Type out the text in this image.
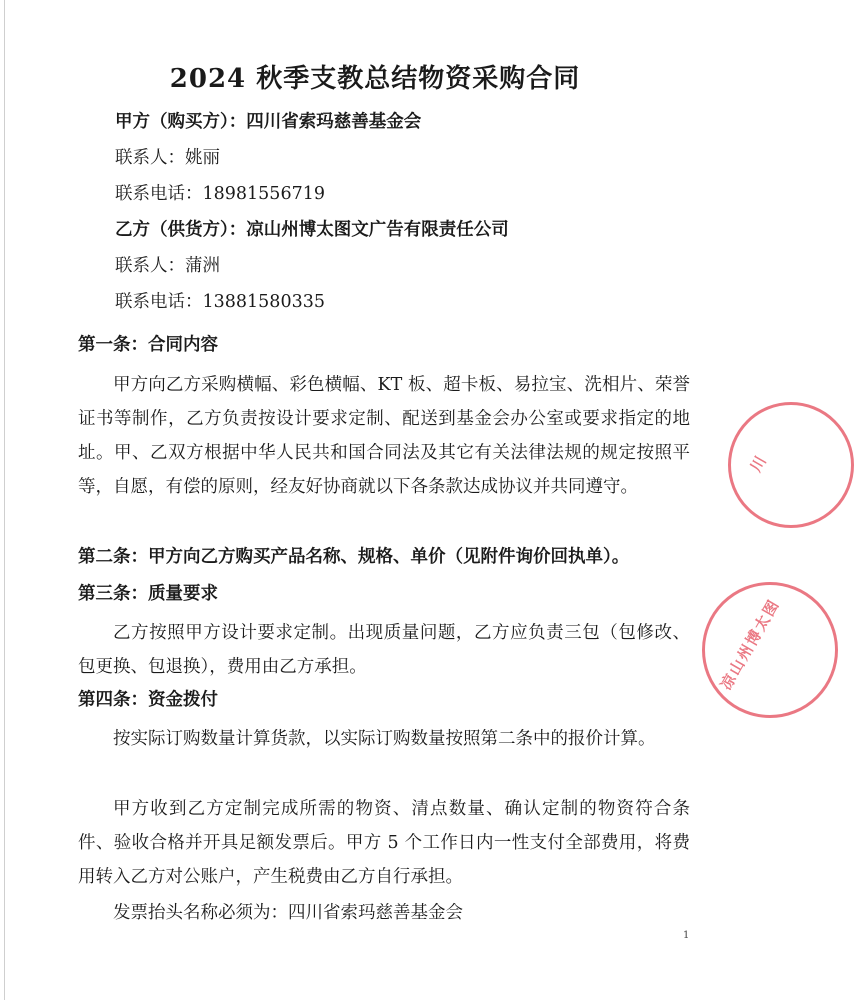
2024 秋季支教总结物资采购合同
甲方（购买方）：四川省索玛慈善基金会
联系人：姚丽
联系电话：18981556719
乙方（供货方）：凉山州博太图文广告有限责任公司
联系人：蒲洲
联系电话：13881580335
第一条：合同内容
甲方向乙方采购横幅、彩色横幅、KT 板、超卡板、易拉宝、洗相片、荣誉证书等制作，乙方负责按设计要求定制、配送到基金会办公室或要求指定的地址。甲、乙双方根据中华人民共和国合同法及其它有关法律法规的规定按照平等，自愿，有偿的原则，经友好协商就以下各条款达成协议并共同遵守。
第二条：甲方向乙方购买产品名称、规格、单价（见附件询价回执单）。
第三条：质量要求
乙方按照甲方设计要求定制。出现质量问题，乙方应负责三包（包修改、包更换、包退换），费用由乙方承担。
第四条：资金拨付
按实际订购数量计算货款，以实际订购数量按照第二条中的报价计算。
甲方收到乙方定制完成所需的物资、清点数量、确认定制的物资符合条件、验收合格并开具足额发票后。甲方 5 个工作日内一性支付全部费用，将费用转入乙方对公账户，产生税费由乙方自行承担。
发票抬头名称必须为：四川省索玛慈善基金会
1
川
凉山州博太图
